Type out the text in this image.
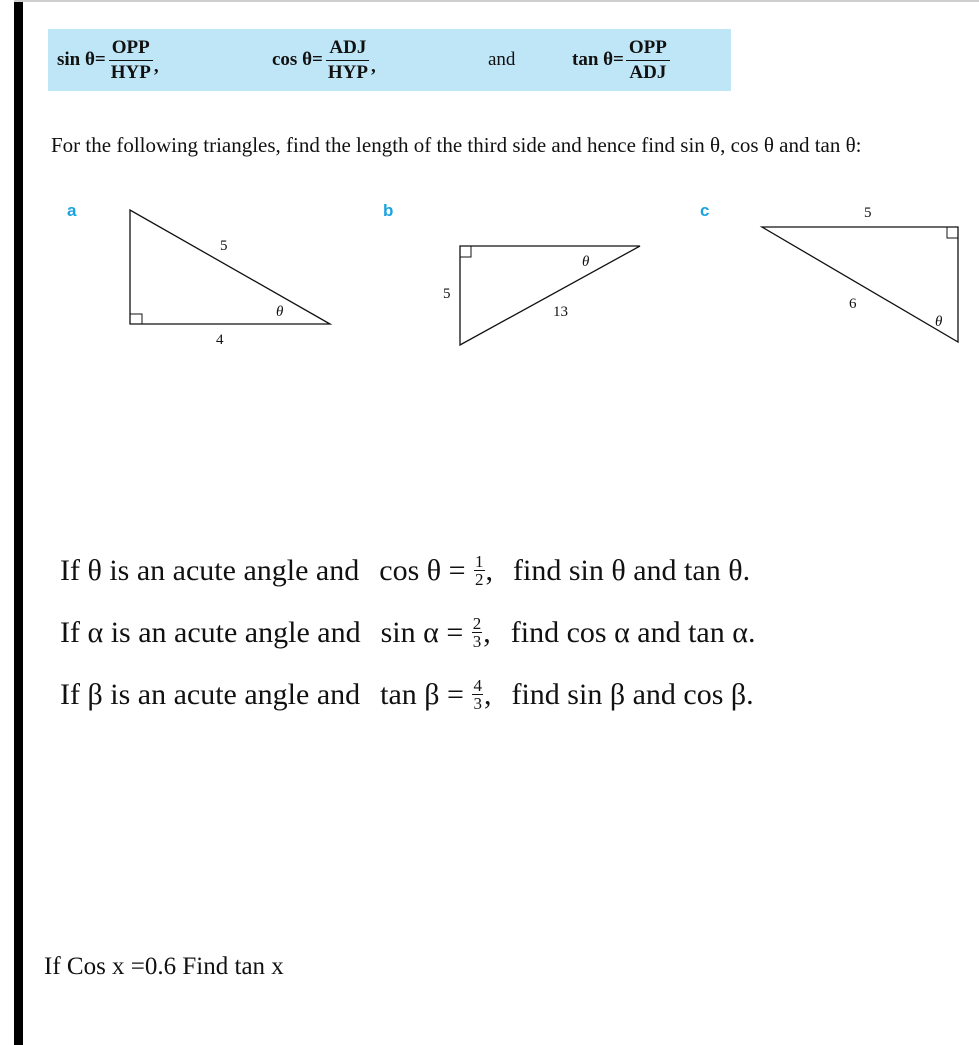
$\sin \theta= \frac{\text{OPP}}{\text{HYP}}$ ,	$\cos \theta= \frac{\text{ADJ}}{\text{HYP}}$ ,	and	$\tan \theta= \frac{\text{OPP}}{\text{ADJ}}$
For the following triangles, find the length of the third side and hence find sin θ, cos θ and tan θ:
a	b	c
5
4
θ
5
13
θ
5
6
θ
If θ is an acute angle and cos θ =
$\frac{1}{2}$ , find sin θ and tan θ.
If α is an acute angle and sin α =
$\frac{2}{3}$ , find cos α and tan α.
If β is an acute angle and tan β =
$\frac{4}{3}$ , find sin β and cos β.
If Cos x =0.6 Find tan x
